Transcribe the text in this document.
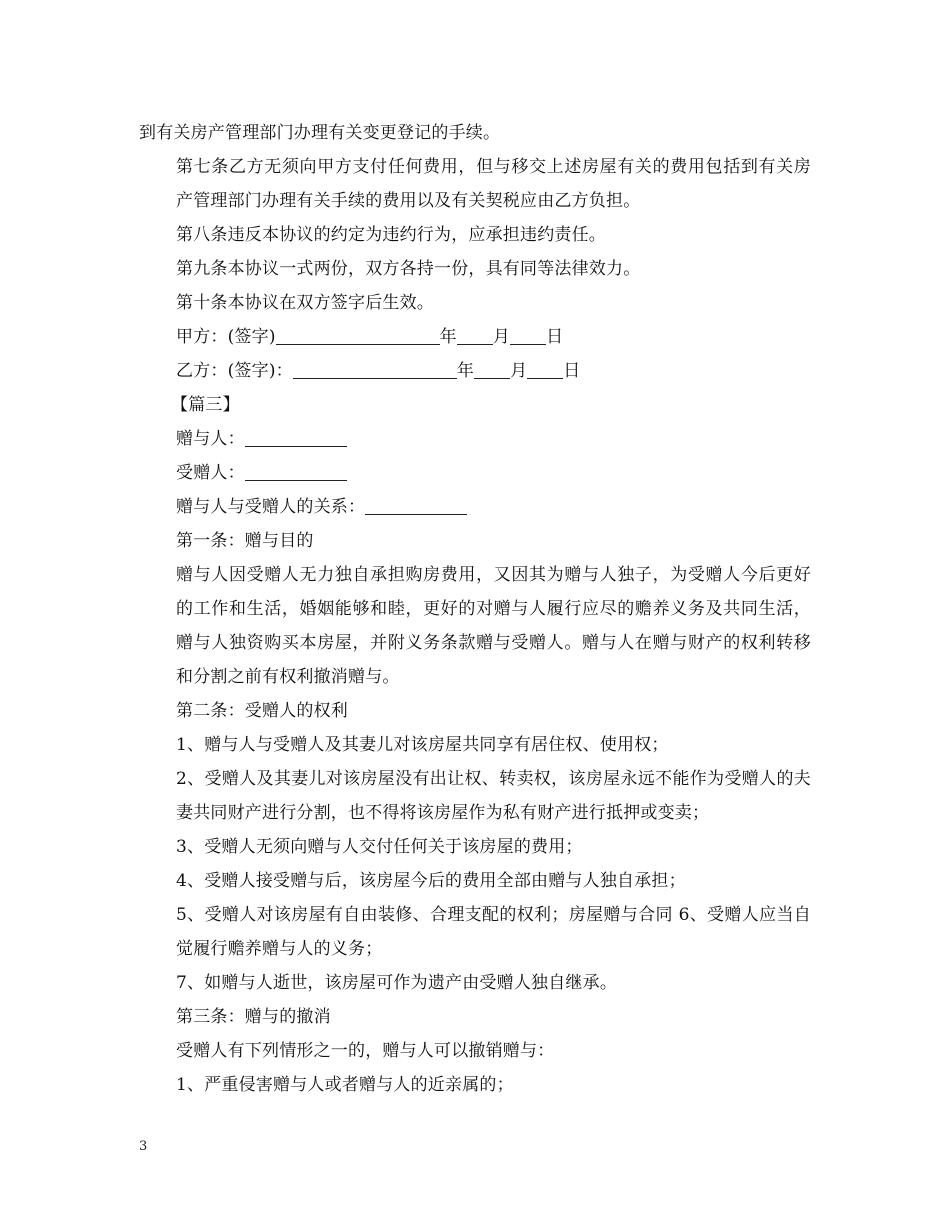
到有关房产管理部门办理有关变更登记的手续。

第七条乙方无须向甲方支付任何费用，但与移交上述房屋有关的费用包括到有关房产管理部门办理有关手续的费用以及有关契税应由乙方负担。

第八条违反本协议的约定为违约行为，应承担违约责任。

第九条本协议一式两份，双方各持一份，具有同等法律效力。

第十条本协议在双方签字后生效。

甲方：(签字)	年 月 日

乙方：(签字)：	年 月 日

【篇三】

赠与人：

受赠人：

赠与人与受赠人的关系：

第一条：赠与目的

赠与人因受赠人无力独自承担购房费用，又因其为赠与人独子，为受赠人今后更好的工作和生活，婚姻能够和睦，更好的对赠与人履行应尽的赡养义务及共同生活，赠与人独资购买本房屋，并附义务条款赠与受赠人。赠与人在赠与财产的权利转移和分割之前有权利撤消赠与。

第二条：受赠人的权利

1、赠与人与受赠人及其妻儿对该房屋共同享有居住权、使用权；

2、受赠人及其妻儿对该房屋没有出让权、转卖权，该房屋永远不能作为受赠人的夫妻共同财产进行分割，也不得将该房屋作为私有财产进行抵押或变卖；

3、受赠人无须向赠与人交付任何关于该房屋的费用；

4、受赠人接受赠与后，该房屋今后的费用全部由赠与人独自承担；

5、受赠人对该房屋有自由装修、合理支配的权利；房屋赠与合同 6、受赠人应当自觉履行赡养赠与人的义务；

7、如赠与人逝世，该房屋可作为遗产由受赠人独自继承。

第三条：赠与的撤消

受赠人有下列情形之一的，赠与人可以撤销赠与：

1、严重侵害赠与人或者赠与人的近亲属的；

3
